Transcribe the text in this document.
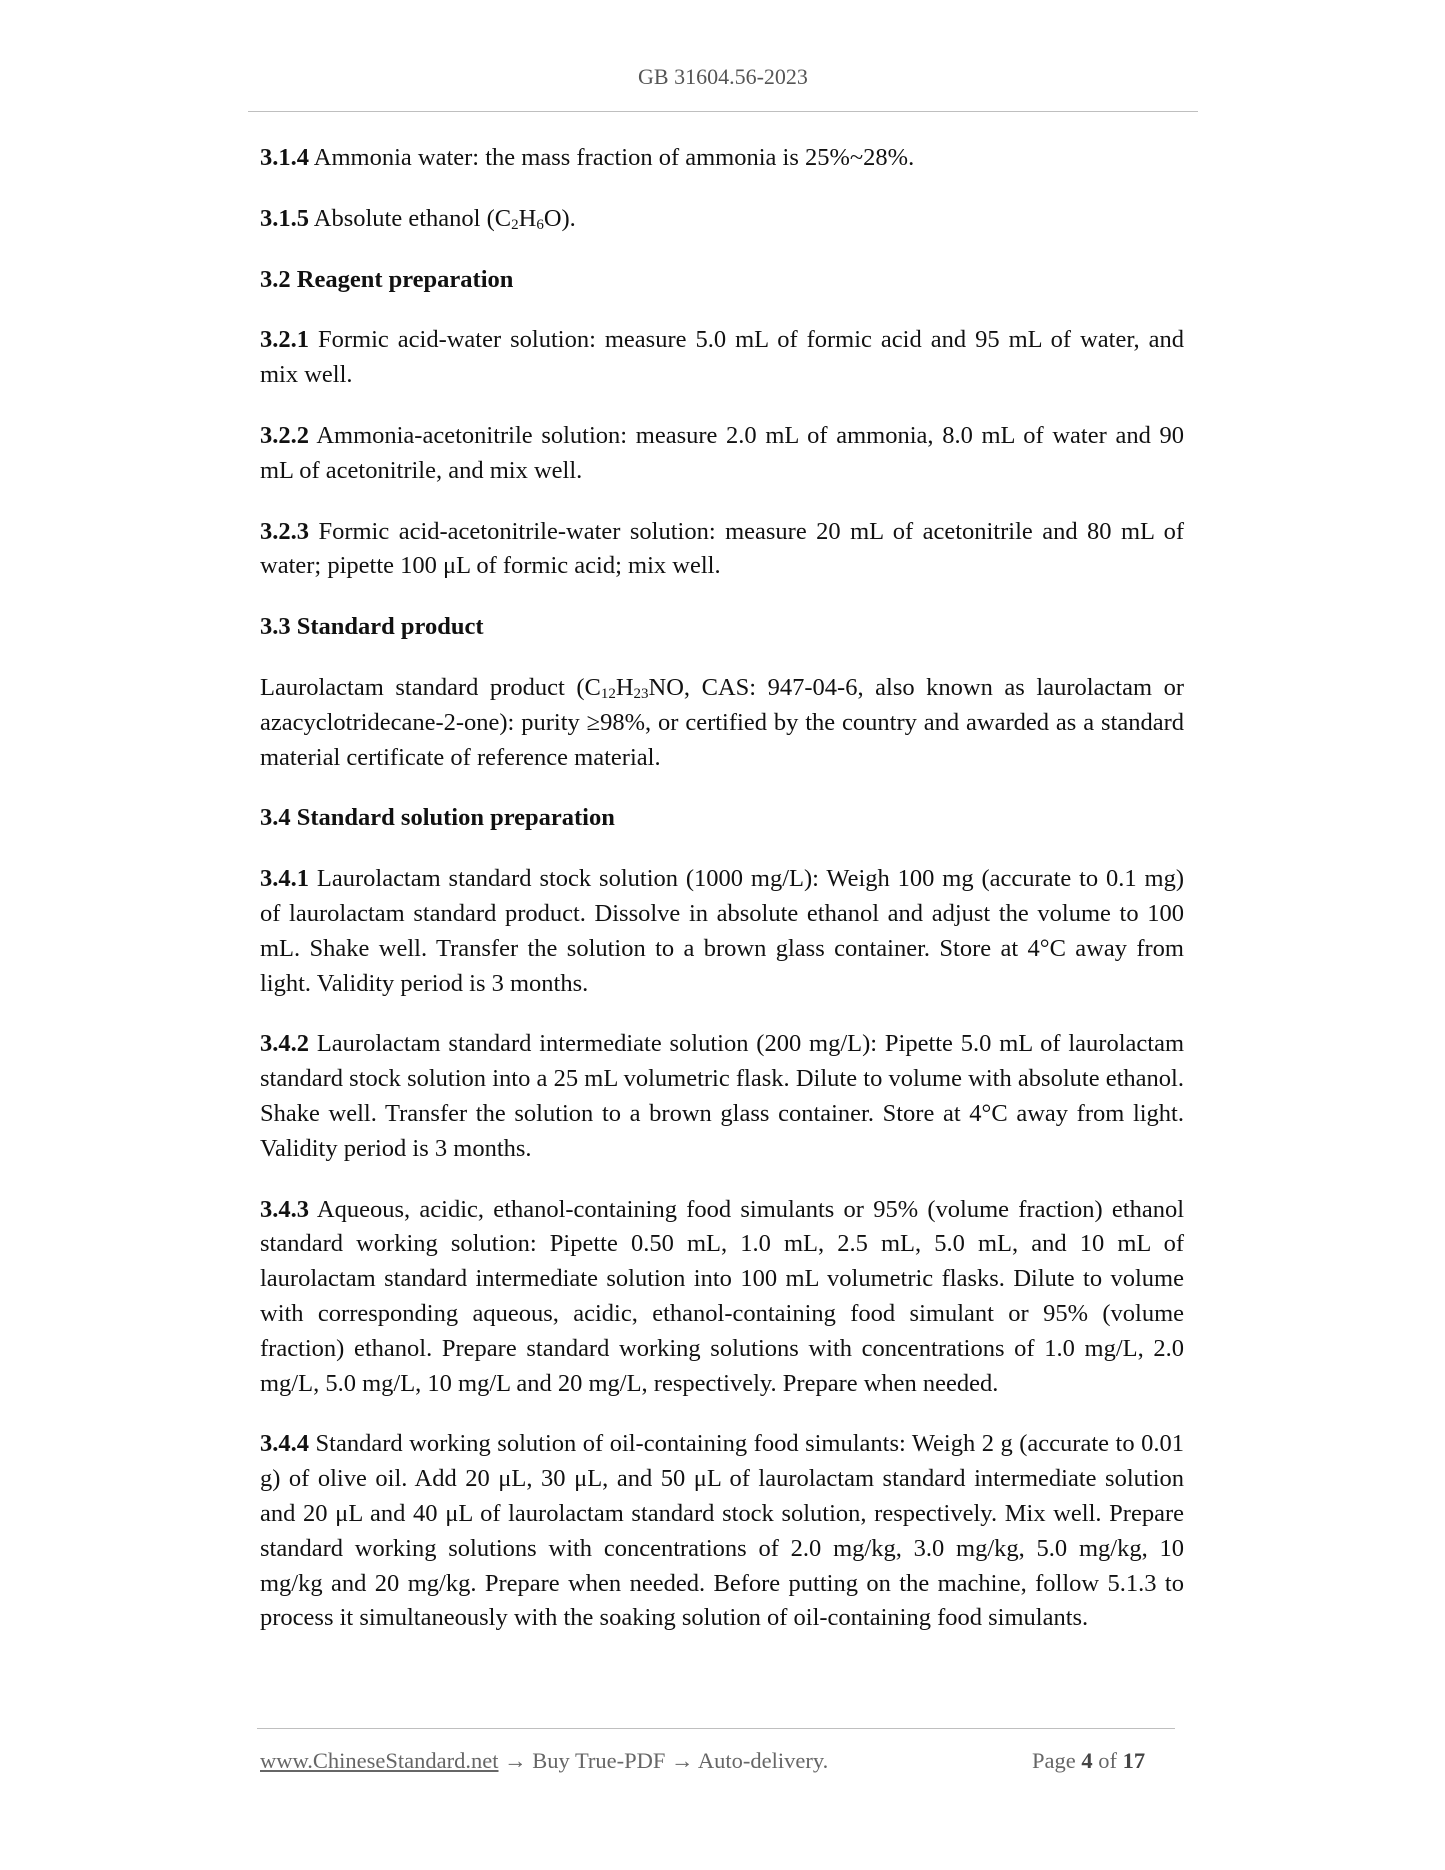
GB 31604.56-2023

3.1.4 Ammonia water: the mass fraction of ammonia is 25%~28%.

3.1.5 Absolute ethanol $(C_2H_6O)$.

3.2 Reagent preparation

3.2.1 Formic acid-water solution: measure 5.0 mL of formic acid and 95 mL of water, and mix well.

3.2.2 Ammonia-acetonitrile solution: measure 2.0 mL of ammonia, 8.0 mL of water and 90 mL of acetonitrile, and mix well.

3.2.3 Formic acid-acetonitrile-water solution: measure 20 mL of acetonitrile and 80 mL of water; pipette 100 μL of formic acid; mix well.

3.3 Standard product

Laurolactam standard product ($C_{12}H_{23}NO$, CAS: 947-04-6, also known as laurolactam or azacyclotridecane-2-one): purity ≥98%, or certified by the country and awarded as a standard material certificate of reference material.

3.4 Standard solution preparation

3.4.1 Laurolactam standard stock solution (1000 mg/L): Weigh 100 mg (accurate to 0.1 mg) of laurolactam standard product. Dissolve in absolute ethanol and adjust the volume to 100 mL. Shake well. Transfer the solution to a brown glass container. Store at 4°C away from light. Validity period is 3 months.

3.4.2 Laurolactam standard intermediate solution (200 mg/L): Pipette 5.0 mL of laurolactam standard stock solution into a 25 mL volumetric flask. Dilute to volume with absolute ethanol. Shake well. Transfer the solution to a brown glass container. Store at 4°C away from light. Validity period is 3 months.

3.4.3 Aqueous, acidic, ethanol-containing food simulants or 95% (volume fraction) ethanol standard working solution: Pipette 0.50 mL, 1.0 mL, 2.5 mL, 5.0 mL, and 10 mL of laurolactam standard intermediate solution into 100 mL volumetric flasks. Dilute to volume with corresponding aqueous, acidic, ethanol-containing food simulant or 95% (volume fraction) ethanol. Prepare standard working solutions with concentrations of 1.0 mg/L, 2.0 mg/L, 5.0 mg/L, 10 mg/L and 20 mg/L, respectively. Prepare when needed.

3.4.4 Standard working solution of oil-containing food simulants: Weigh 2 g (accurate to 0.01 g) of olive oil. Add 20 μL, 30 μL, and 50 μL of laurolactam standard intermediate solution and 20 μL and 40 μL of laurolactam standard stock solution, respectively. Mix well. Prepare standard working solutions with concentrations of 2.0 mg/kg, 3.0 mg/kg, 5.0 mg/kg, 10 mg/kg and 20 mg/kg. Prepare when needed. Before putting on the machine, follow 5.1.3 to process it simultaneously with the soaking solution of oil-containing food simulants.

www.ChineseStandard.net → Buy True-PDF → Auto-delivery.	Page 4 of 17
